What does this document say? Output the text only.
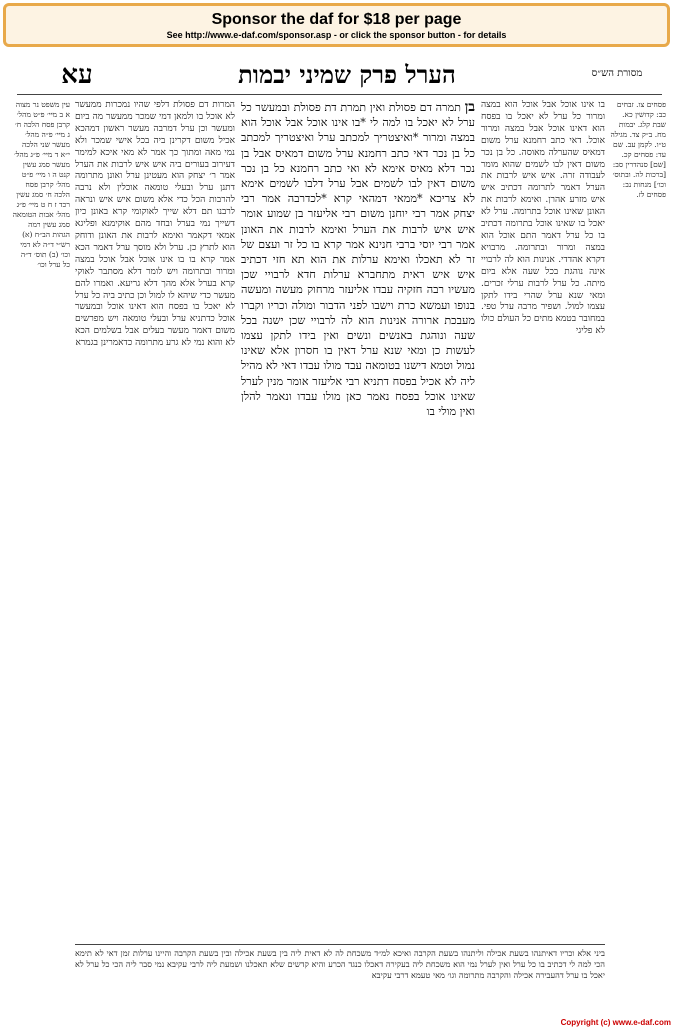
Sponsor the daf for $18 per page
See http://www.e-daf.com/sponsor.asp - or click the sponsor button - for details
הערל פרק שמיני יבמות
עא	מסורת הש״ס
עין משפט נר מצוה א ב מיי׳ פ״ט מהל׳ קרבן פסח הלכה ח׳ ג מיי׳ פ״ה מהל׳ מעשר שני הלכה י״א ד מיי׳ פ״ג מהל׳ מעשר סמג עשין קנט ה ו מיי׳ פ״ט מהל׳ קרבן פסח הלכה ח׳ סמג עשין רכד ז ח ט מיי׳ פ״ג מהל׳ אבות הטומאה סמג עשין רמה הגהות הב״ח (א) רש״י ד״ה לא דמי וכו׳ (ב) תוס׳ ד״ה כל ערל וכו׳
המרות דם פסולת דלפי שהיו נמכרות ממעשר לא אוכל בו ולמאן דמי שמכר ממעשר מה ביום ומעשר וכן ערל דמרבה מעשר ראשון דמהכא אכיל משום דקרינן ביה בכל אישי שמכר ולא נמי מאה ומתוך כך אמר לא מאי איכא למימר דעירוב בעורים ביה איש איש לרבות את הערל אמר ר׳ יצחק הוא מעטינן ערל ואונן מתרומה דתנן ערל ובעלי טומאה אוכלין ולא נרבה להרבות הכל כדי אלא משום איש איש ונראה לרבנו תם דלא שייך לאוקומי קרא באונן כיון דשייך נמי בערל ובחד מהם אוקימנא ופליגא אמאי דקאמר ואימא לרבות את האונן ודוחק הוא לתרץ כן. ערל ולא מוסך ערל דאמר הכא אמר קרא בו בו אינו אוכל אבל אוכל במצה ומרור ובתרומה ויש לומר דלא מסתבר לאוקי קרא בערל אלא מהך דלא גריעא. ואמרו להם מעשר כדי שיהא לו למול וכן כתיב ביה כל ערל לא יאכל בו בפסח הוא דאינו אוכל ובמעשר אוכל כדתניא ערל ובעלי טומאה ויש מפרשים משום דאמר מעשר בעלים אבל בשלמים הכא לא והוא נמי לא גרע מתרומה כדאמרינן בגמרא
בן תמרה דם פסולת ואין תמרת דת פסולת ובמעשר כל ערל לא יאכל בו למה לי *בו אינו אוכל אבל אוכל הוא במצה ומרור *ואיצטריך למכתב ערל ואיצטריך למכתב כל בן נכר דאי כתב רחמנא ערל משום דמאיס אבל בן נכר דלא מאיס אימא לא ואי כתב רחמנא כל בן נכר משום דאין לבו לשמים אבל ערל דלבו לשמים אימא לא צריכא *ממאי דמהאי קרא *לכדרבה אמר רבי יצחק אמר רבי יוחנן משום רבי אליעזר בן שמוע אומר איש איש לרבות את הערל ואימא לרבות את האונן אמר רבי יוסי ברבי חנינא אמר קרא בו כל זר ועצם של זר לא תאכלו ואימא ערלות את הוא תא חזי דכתיב איש איש ראית מתחברא ערלות חדא לרבויי שכן מעשיו רבה חזקיה עבדו אליעזר מרחוק מעשה ומעשה בנופו ועמשא כרת וישבו לפני הדבור ומולה וכריו וקברו מעבכת ארורה אנינות הוא לה לרבויי שכן ישנה בכל שעה ונוהגת באנשים ונשים ואין בידו לתקן עצמו לעשות כן ומאי שנא ערל דאין בו חסרון אלא שאינו נמול וטמא דישנו בטומאה עבד מולו עבדו דאי לא מהיל ליה לא אכיל בפסח דתניא רבי אליעזר אומר מנין לערל שאינו אוכל בפסח נאמר כאן מולו עבדו ונאמר להלן ואין מולי בו
בו אינו אוכל אבל אוכל הוא במצה ומרור כל ערל לא יאכל בו בפסח הוא דאינו אוכל אבל במצה ומרור אוכל. דאי כתב רחמנא ערל משום דמאיס שהערלה מאוסה. כל בן נכר משום דאין לבו לשמים שהוא מומר לעבודה זרה. איש איש לרבות את הערל דאמר לתרומה דכתיב איש איש מזרע אהרן. ואימא לרבות את האונן שאינו אוכל בתרומה. ערל לא יאכל בו שאינו אוכל בתרומה דכתיב בו כל ערל דאמר התם אוכל הוא במצה ומרור ובתרומה. מרבויא דקרא אהדדי. אנינות הוא לה לרבויי אינה נוהגת בכל שעה אלא ביום מיתה. כל ערל לרבות ערלי זכרים. ומאי שנא ערל שהרי בידו לתקן עצמו למול. ושפיר מרבה ערל טפי. במחובר בטמא מתים כל העולם כולו לא פליגי
פסחים צו. זבחים כב: קדושין כא. שבת קלג. יבמות מח. ב״ק צד. מגילה ט״ו. לקמן עב. שם עד: פסחים קכ. [שם] סנהדרין סב: [ברכות לה. ובתוס׳ וכו׳] מנחות נב: פסחים לז.
ביני אלא וכריו דאיתנהו בשעת אכילה וליתנהו בשעת הקרבה ואיכא למ״ד משכחת לה לא דאית ליה בין בשעת אכילה ובין בשעת הקרבה והיינו ערלות זמן דאי לא תימא הכי למה לי דכתיב בו כל ערל ואין לערל נמי הוא משכחת ליה בעקירה דאכלו כנגד הכרע והיא קדשים שלא תאכלנו ושמעת ליה לרבי עקיבא נמי סבר ליה הכי כל ערל לא יאכל בו ערל דהעבירה אכילה והקרבה מתרומה וגו׳ מאי טעמא דרבי עקיבא
Copyright (c) www.e-daf.com
